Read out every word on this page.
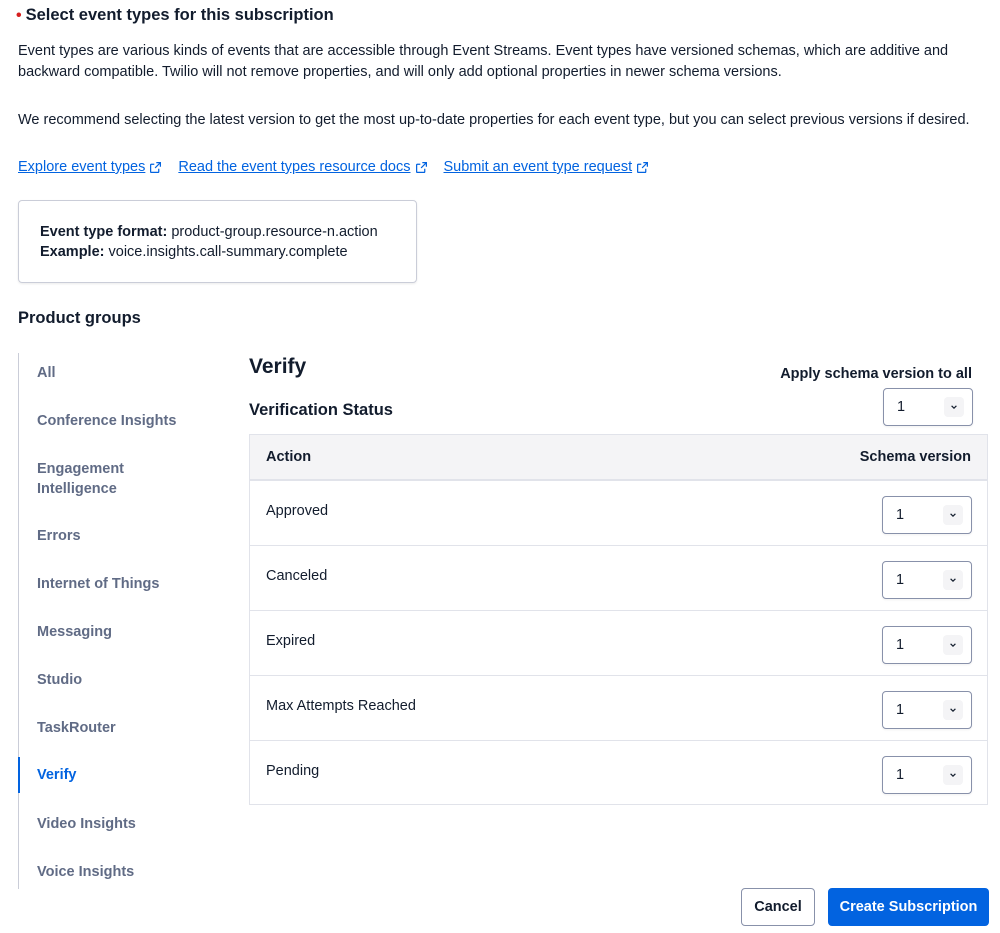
• Select event types for this subscription
Event types are various kinds of events that are accessible through Event Streams. Event types have versioned schemas, which are additive and backward compatible. Twilio will not remove properties, and will only add optional properties in newer schema versions.
We recommend selecting the latest version to get the most up-to-date properties for each event type, but you can select previous versions if desired.
Explore event types Read the event types resource docs Submit an event type request
Event type format: product-group.resource-n.action
Example: voice.insights.call-summary.complete
Product groups
All
Conference Insights
Engagement Intelligence
Errors
Internet of Things
Messaging
Studio
TaskRouter
Verify
Video Insights
Voice Insights
Verify	Apply schema version to all
Verification Status	1
Action	Schema version
Approved	1
Canceled	1
Expired	1
Max Attempts Reached	1
Pending	1
Cancel	Create Subscription
